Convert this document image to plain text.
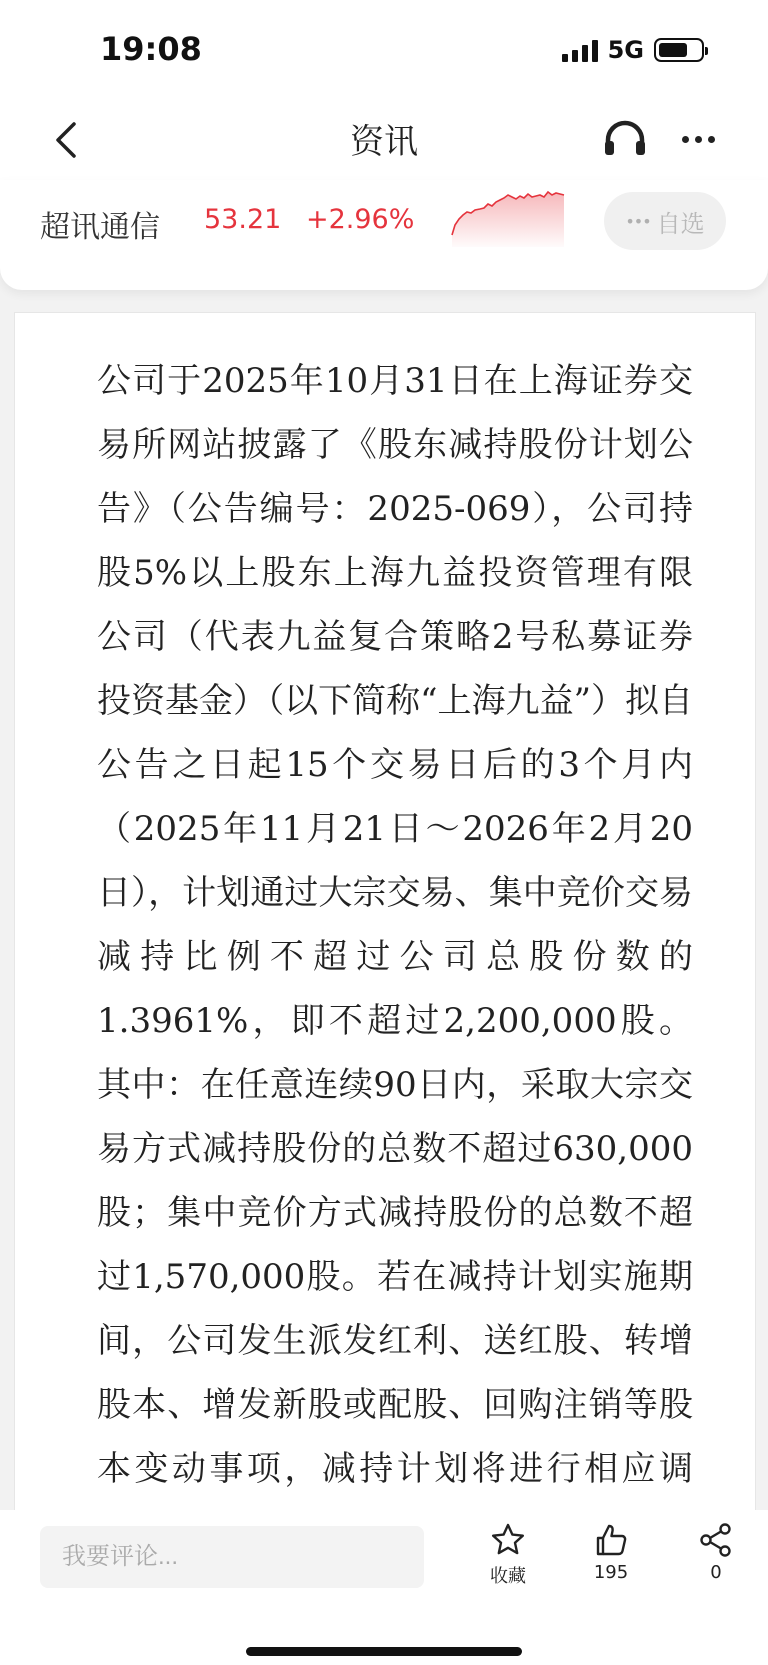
19:08	5G
资讯
超讯通信 53.21 +2.96%	••• 自选

公司于2025年10月31日在上海证券交易所网站披露了《股东减持股份计划公告》（公告编号：2025-069），公司持股5%以上股东上海九益投资管理有限公司（代表九益复合策略2号私募证券投资基金）（以下简称“上海九益”）拟自公告之日起15个交易日后的3个月内（2025年11月21日～2026年2月20日），计划通过大宗交易、集中竞价交易减持比例不超过公司总股份数的1.3961%，即不超过2,200,000股。其中：在任意连续90日内，采取大宗交易方式减持股份的总数不超过630,000股；集中竞价方式减持股份的总数不超过1,570,000股。若在减持计划实施期间，公司发生派发红利、送红股、转增股本、增发新股或配股、回购注销等股本变动事项，减持计划将进行相应调

我要评论...
收藏	195	0
